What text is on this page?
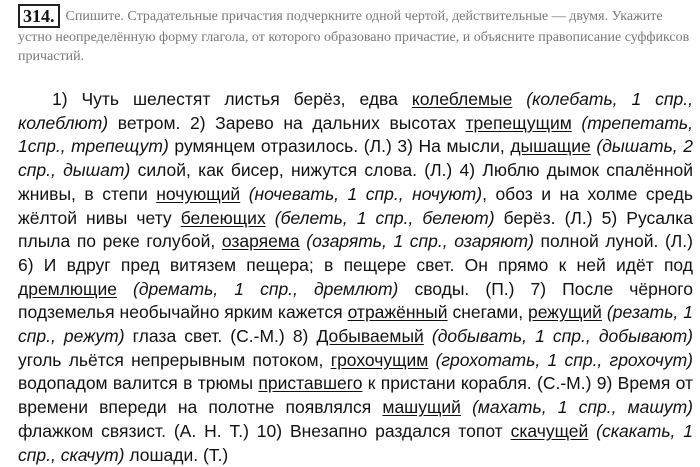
314. Спишите. Страдательные причастия подчеркните одной чертой, действительные — двумя. Укажите устно неопределённую форму глагола, от которого образовано причастие, и объясните правописание суффиксов причастий.
1) Чуть шелестят листья берёз, едва колеблемые (колебать, 1 спр., колеблют) ветром. 2) Зарево на дальних высотах трепещущим (трепетать, 1спр., трепещут) румянцем отразилось. (Л.) 3) На мысли, дышащие (дышать, 2 спр., дышат) силой, как бисер, нижутся слова. (Л.) 4) Люблю дымок спалённой жнивы, в степи ночующий (ночевать, 1 спр., ночуют), обоз и на холме средь жёлтой нивы чету белеющих (белеть, 1 спр., белеют) берёз. (Л.) 5) Русалка плыла по реке голубой, озаряема (озарять, 1 спр., озаряют) полной луной. (Л.) 6) И вдруг пред витязем пещера; в пещере свет. Он прямо к ней идёт под дремлющие (дремать, 1 спр., дремлют) своды. (П.) 7) После чёрного подземелья необычайно ярким кажется отражённый снегами, режущий (резать, 1 спр., режут) глаза свет. (С.-М.) 8) Добываемый (добывать, 1 спр., добывают) уголь льётся непрерывным потоком, грохочущим (грохотать, 1 спр., грохочут) водопадом валится в трюмы приставшего к пристани корабля. (С.-М.) 9) Время от времени впереди на полотне появлялся машущий (махать, 1 спр., машут) флажком связист. (А. Н. Т.) 10) Внезапно раздался топот скачущей (скакать, 1 спр., скачут) лошади. (Т.)
